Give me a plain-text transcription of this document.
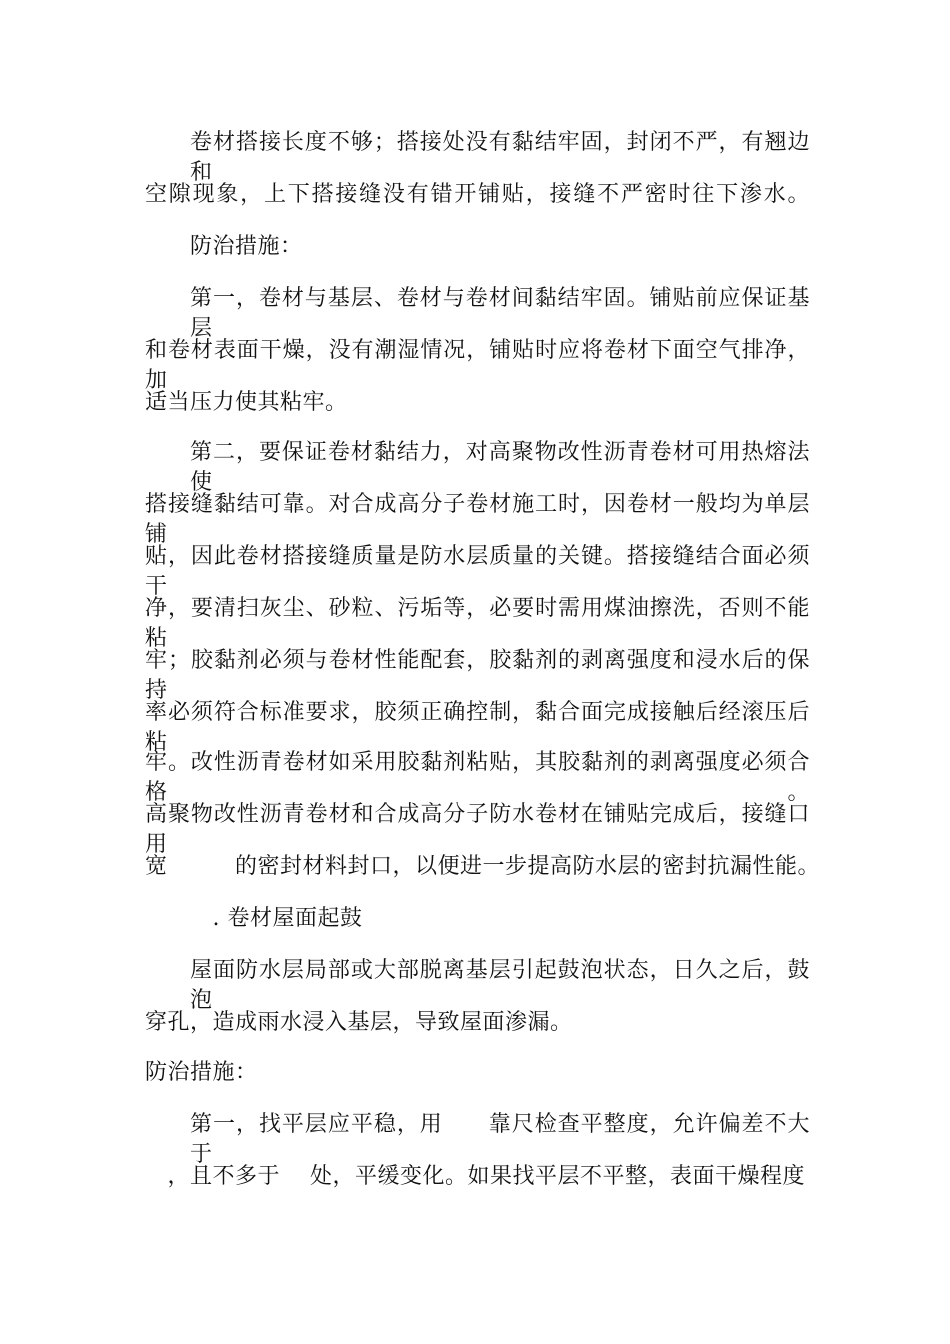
卷材搭接长度不够；搭接处没有黏结牢固，封闭不严，有翘边和
空隙现象，上下搭接缝没有错开铺贴，接缝不严密时往下渗水。
防治措施：
第一，卷材与基层、卷材与卷材间黏结牢固。铺贴前应保证基层
和卷材表面干燥，没有潮湿情况，铺贴时应将卷材下面空气排净，加
适当压力使其粘牢。
第二，要保证卷材黏结力，对高聚物改性沥青卷材可用热熔法使
搭接缝黏结可靠。对合成高分子卷材施工时，因卷材一般均为单层铺
贴，因此卷材搭接缝质量是防水层质量的关键。搭接缝结合面必须干
净，要清扫灰尘、砂粒、污垢等，必要时需用煤油擦洗，否则不能粘
牢；胶黏剂必须与卷材性能配套，胶黏剂的剥离强度和浸水后的保持
率必须符合标准要求，胶须正确控制，黏合面完成接触后经滚压后粘
牢。改性沥青卷材如采用胶黏剂粘贴，其胶黏剂的剥离强度必须合格。
高聚物改性沥青卷材和合成高分子防水卷材在铺贴完成后，接缝口用
宽　　　的密封材料封口，以便进一步提高防水层的密封抗漏性能。
　. 卷材屋面起鼓
屋面防水层局部或大部脱离基层引起鼓泡状态，日久之后，鼓泡
穿孔，造成雨水浸入基层，导致屋面渗漏。
防治措施：
第一，找平层应平稳，用　　靠尺检查平整度，允许偏差不大于
　，且不多于　 处，平缓变化。如果找平层不平整，表面干燥程度
